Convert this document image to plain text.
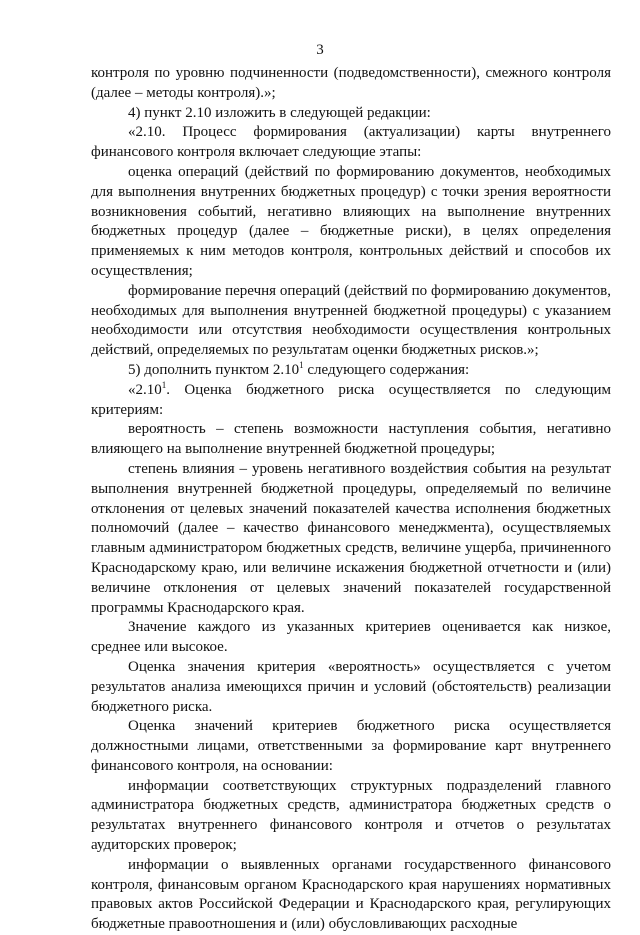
3

контроля по уровню подчиненности (подведомственности), смежного контроля (далее – методы контроля).»;

4) пункт 2.10 изложить в следующей редакции:

«2.10. Процесс формирования (актуализации) карты внутреннего финансового контроля включает следующие этапы:

оценка операций (действий по формированию документов, необходимых для выполнения внутренних бюджетных процедур) с точки зрения вероятности возникновения событий, негативно влияющих на выполнение внутренних бюджетных процедур (далее – бюджетные риски), в целях определения применяемых к ним методов контроля, контрольных действий и способов их осуществления;

формирование перечня операций (действий по формированию документов, необходимых для выполнения внутренней бюджетной процедуры) с указанием необходимости или отсутствия необходимости осуществления контрольных действий, определяемых по результатам оценки бюджетных рисков.»;

5) дополнить пунктом 2.10$^1$ следующего содержания:

«2.10$^1$. Оценка бюджетного риска осуществляется по следующим критериям:

вероятность – степень возможности наступления события, негативно влияющего на выполнение внутренней бюджетной процедуры;

степень влияния – уровень негативного воздействия события на результат выполнения внутренней бюджетной процедуры, определяемый по величине отклонения от целевых значений показателей качества исполнения бюджетных полномочий (далее – качество финансового менеджмента), осуществляемых главным администратором бюджетных средств, величине ущерба, причиненного Краснодарскому краю, или величине искажения бюджетной отчетности и (или) величине отклонения от целевых значений показателей государственной программы Краснодарского края.

Значение каждого из указанных критериев оценивается как низкое, среднее или высокое.

Оценка значения критерия «вероятность» осуществляется с учетом результатов анализа имеющихся причин и условий (обстоятельств) реализации бюджетного риска.

Оценка значений критериев бюджетного риска осуществляется должностными лицами, ответственными за формирование карт внутреннего финансового контроля, на основании:

информации соответствующих структурных подразделений главного администратора бюджетных средств, администратора бюджетных средств о результатах внутреннего финансового контроля и отчетов о результатах аудиторских проверок;

информации о выявленных органами государственного финансового контроля, финансовым органом Краснодарского края нарушениях нормативных правовых актов Российской Федерации и Краснодарского края, регулирующих бюджетные правоотношения и (или) обусловливающих расходные
